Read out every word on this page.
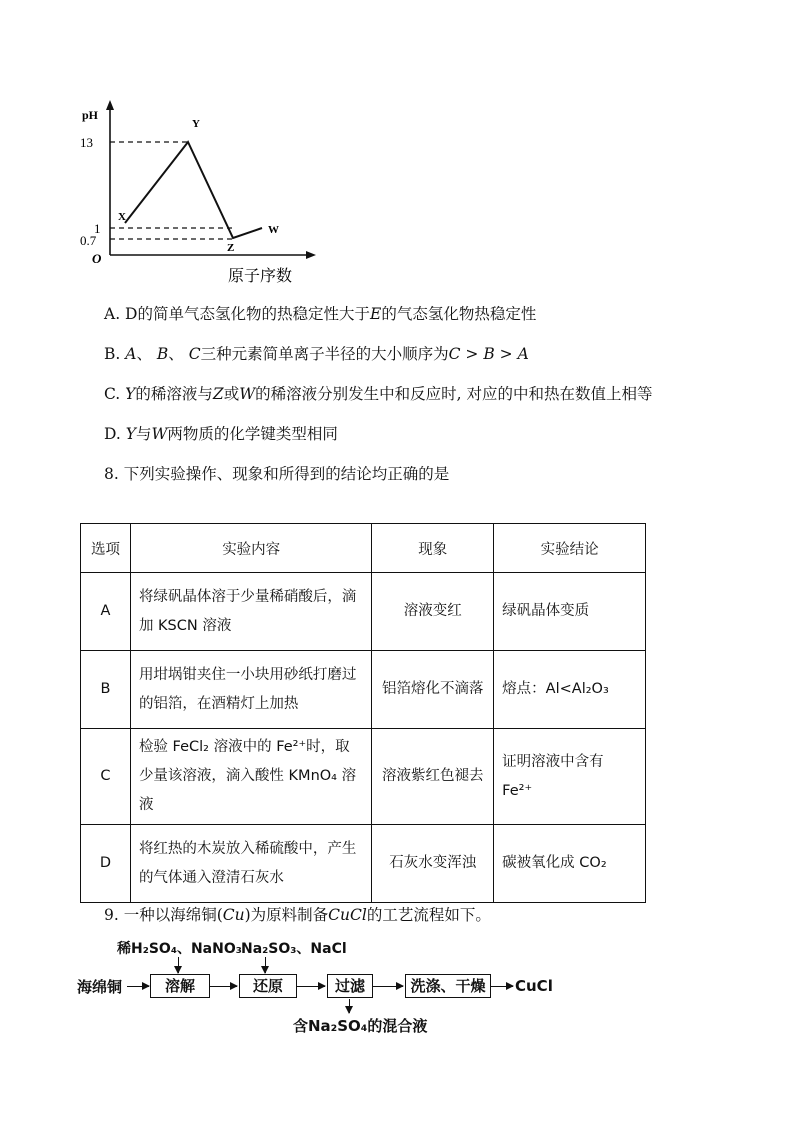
pH
13
1
0.7
O
X
Y
Z
W
原子序数
A. D的简单气态氢化物的热稳定性大于E的气态氢化物热稳定性
B. A、 B、 C三种元素简单离子半径的大小顺序为C > B > A
C. Y的稀溶液与Z或W的稀溶液分别发生中和反应时, 对应的中和热在数值上相等
D. Y与W两物质的化学键类型相同
8. 下列实验操作、现象和所得到的结论均正确的是
选项	实验内容	现象	实验结论
A	将绿矾晶体溶于少量稀硝酸后，滴加 KSCN 溶液	溶液变红	绿矾晶体变质
B	用坩埚钳夹住一小块用砂纸打磨过的铝箔，在酒精灯上加热	铝箔熔化不滴落	熔点：Al<Al₂O₃
C	检验 FeCl₂ 溶液中的 Fe²⁺时，取少量该溶液，滴入酸性 KMnO₄ 溶液	溶液紫红色褪去	证明溶液中含有 Fe²⁺
D	将红热的木炭放入稀硫酸中，产生的气体通入澄清石灰水	石灰水变浑浊	碳被氧化成 CO₂
9. 一种以海绵铜(Cu)为原料制备CuCl的工艺流程如下。
稀H₂SO₄、NaNO₃ Na₂SO₃、NaCl
海绵铜	溶解	还原	过滤	洗涤、干燥	CuCl
含Na₂SO₄的混合液
